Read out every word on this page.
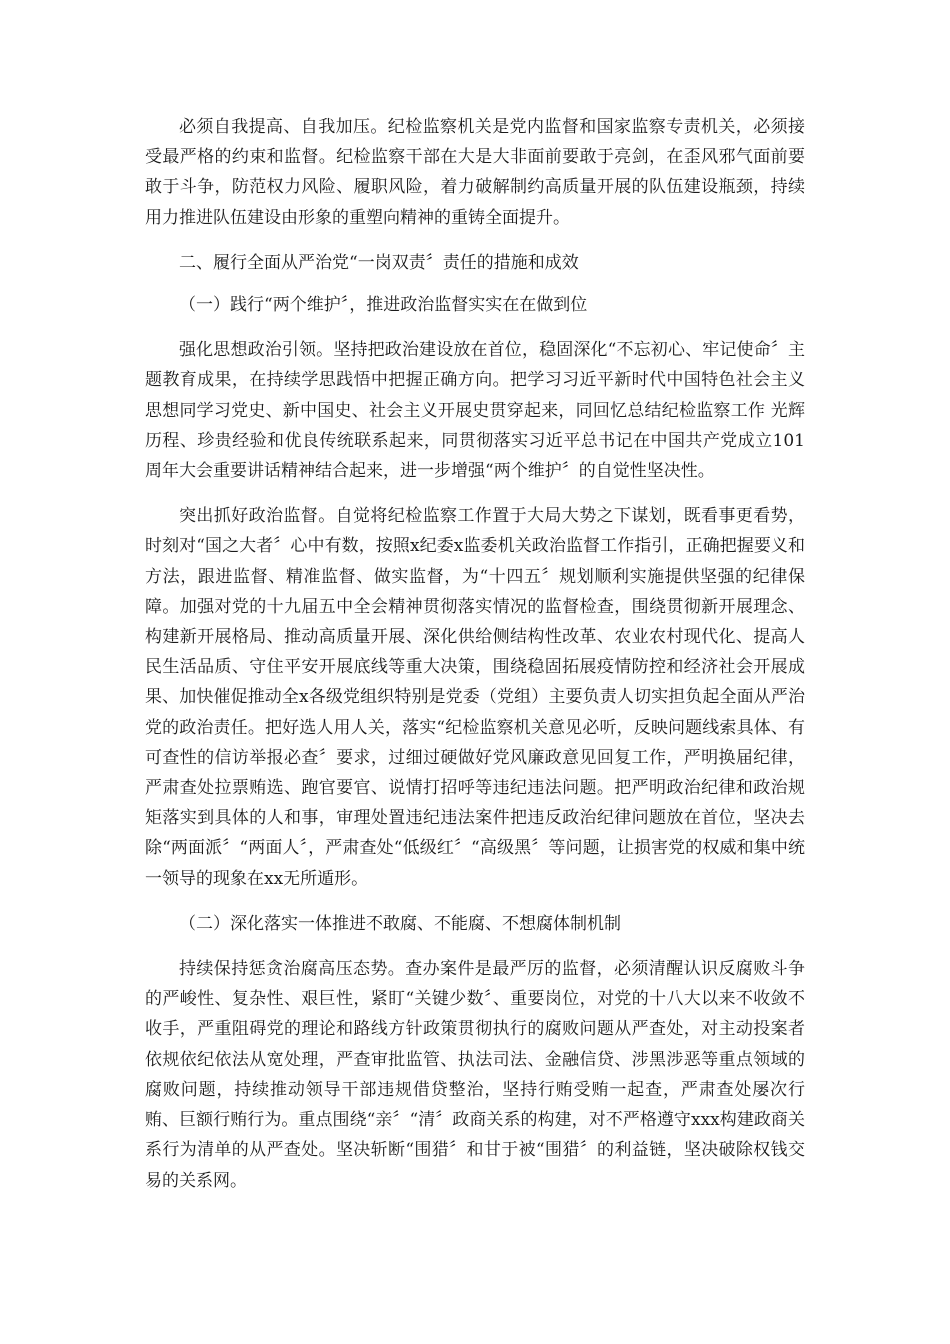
必须自我提高、自我加压。纪检监察机关是党内监督和国家监察专责机关，必须接受最严格的约束和监督。纪检监察干部在大是大非面前要敢于亮剑，在歪风邪气面前要敢于斗争，防范权力风险、履职风险，着力破解制约高质量开展的队伍建设瓶颈，持续用力推进队伍建设由形象的重塑向精神的重铸全面提升。

二、履行全面从严治党“一岗双责〞责任的措施和成效

（一）践行“两个维护〞，推进政治监督实实在在做到位

强化思想政治引领。坚持把政治建设放在首位，稳固深化“不忘初心、牢记使命〞主题教育成果，在持续学思践悟中把握正确方向。把学习习近平新时代中国特色社会主义思想同学习党史、新中国史、社会主义开展史贯穿起来，同回忆总结纪检监察工作 光辉历程、珍贵经验和优良传统联系起来，同贯彻落实习近平总书记在中国共产党成立101周年大会重要讲话精神结合起来，进一步增强“两个维护〞的自觉性坚决性。

突出抓好政治监督。自觉将纪检监察工作置于大局大势之下谋划，既看事更看势，时刻对“国之大者〞心中有数，按照x纪委x监委机关政治监督工作指引，正确把握要义和方法，跟进监督、精准监督、做实监督，为“十四五〞规划顺利实施提供坚强的纪律保障。加强对党的十九届五中全会精神贯彻落实情况的监督检查，围绕贯彻新开展理念、构建新开展格局、推动高质量开展、深化供给侧结构性改革、农业农村现代化、提高人民生活品质、守住平安开展底线等重大决策，围绕稳固拓展疫情防控和经济社会开展成果、加快催促推动全x各级党组织特别是党委（党组）主要负责人切实担负起全面从严治党的政治责任。把好选人用人关，落实“纪检监察机关意见必听，反映问题线索具体、有可查性的信访举报必查〞要求，过细过硬做好党风廉政意见回复工作，严明换届纪律，严肃查处拉票贿选、跑官要官、说情打招呼等违纪违法问题。把严明政治纪律和政治规矩落实到具体的人和事，审理处置违纪违法案件把违反政治纪律问题放在首位，坚决去除“两面派〞“两面人〞，严肃查处“低级红〞“高级黑〞等问题，让损害党的权威和集中统一领导的现象在xx无所遁形。

（二）深化落实一体推进不敢腐、不能腐、不想腐体制机制

持续保持惩贪治腐高压态势。查办案件是最严厉的监督，必须清醒认识反腐败斗争的严峻性、复杂性、艰巨性，紧盯“关键少数〞、重要岗位，对党的十八大以来不收敛不收手，严重阻碍党的理论和路线方针政策贯彻执行的腐败问题从严查处，对主动投案者依规依纪依法从宽处理，严查审批监管、执法司法、金融信贷、涉黑涉恶等重点领域的腐败问题，持续推动领导干部违规借贷整治，坚持行贿受贿一起查，严肃查处屡次行贿、巨额行贿行为。重点围绕“亲〞“清〞政商关系的构建，对不严格遵守xxx构建政商关系行为清单的从严查处。坚决斩断“围猎〞和甘于被“围猎〞的利益链，坚决破除权钱交易的关系网。
